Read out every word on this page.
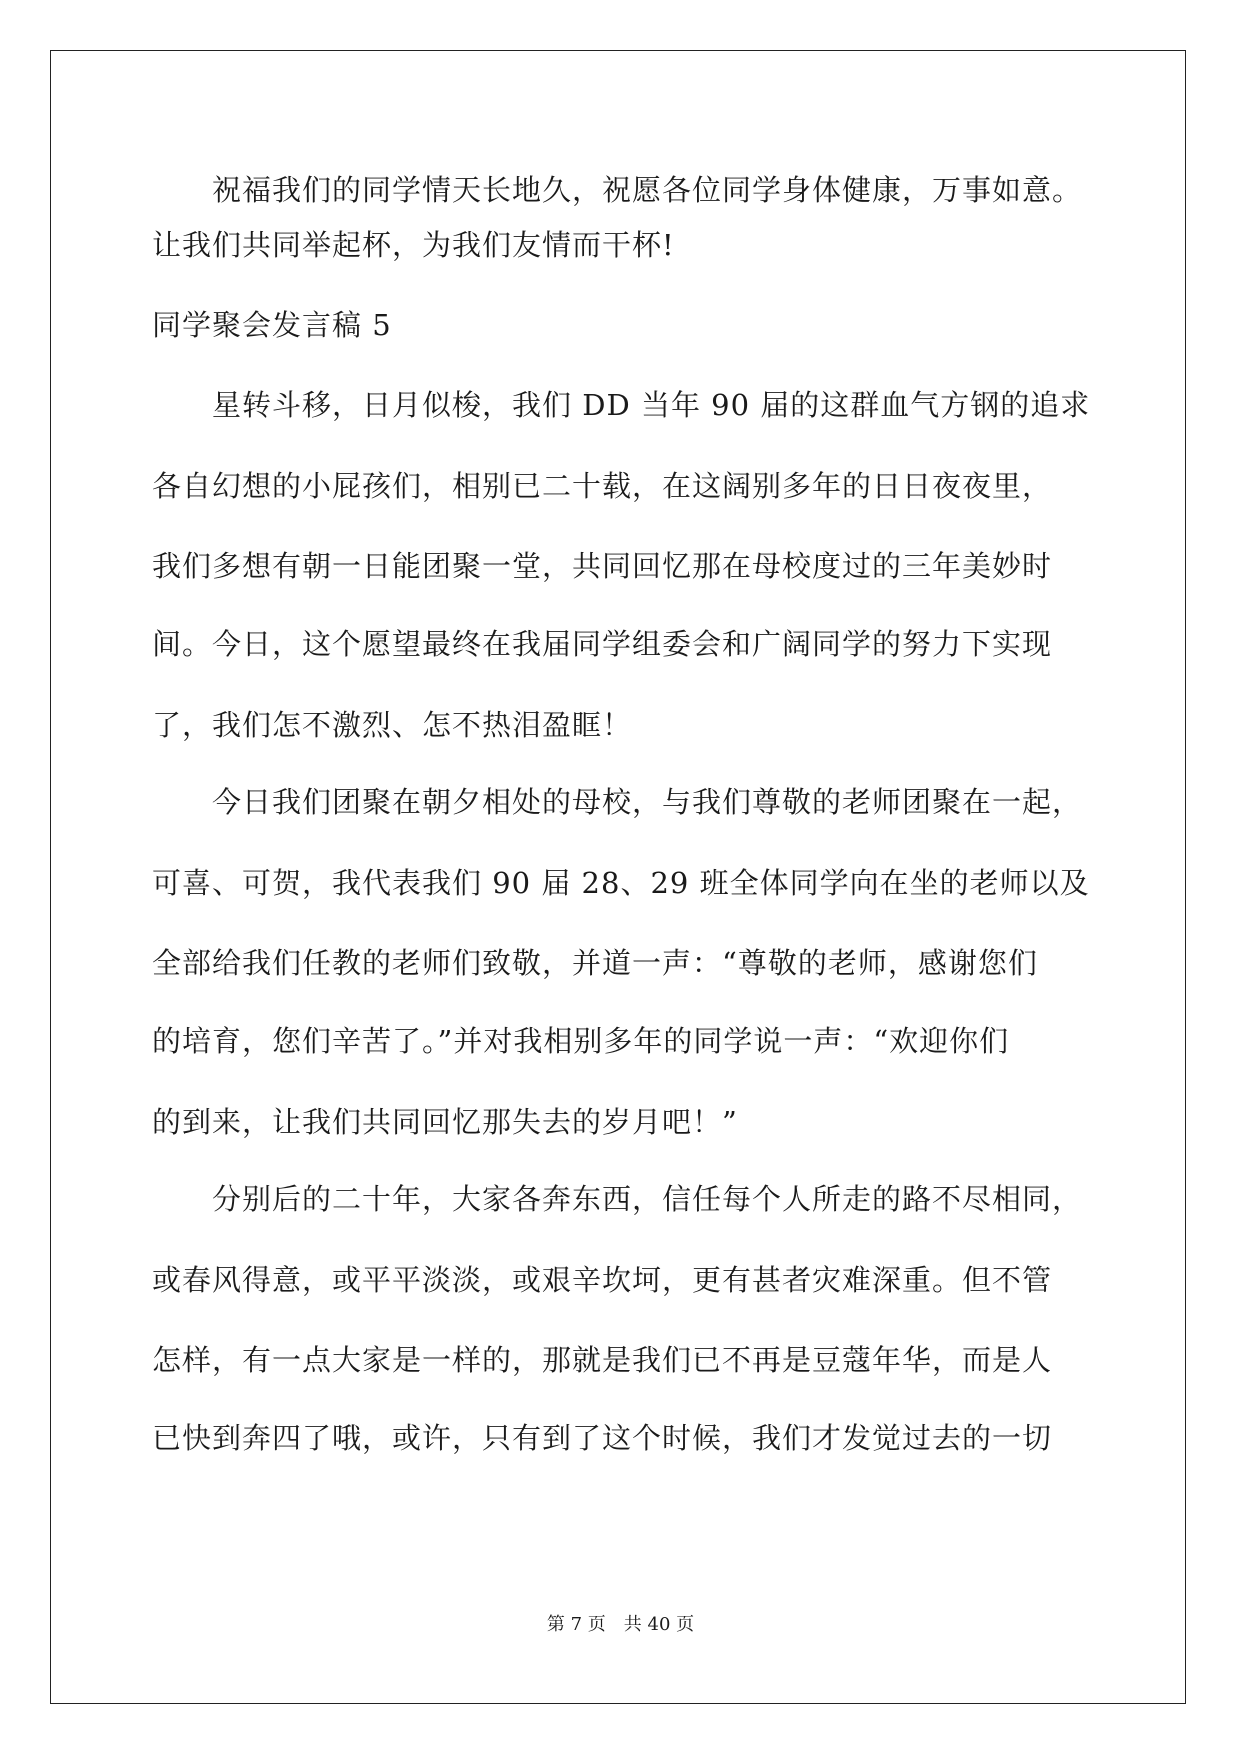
　　祝福我们的同学情天长地久，祝愿各位同学身体健康，万事如意。
让我们共同举起杯，为我们友情而干杯!
同学聚会发言稿 5
　　星转斗移，日月似梭，我们 DD 当年 90 届的这群血气方钢的追求
各自幻想的小屁孩们，相别已二十载，在这阔别多年的日日夜夜里，
我们多想有朝一日能团聚一堂，共同回忆那在母校度过的三年美妙时
间。今日，这个愿望最终在我届同学组委会和广阔同学的努力下实现
了，我们怎不激烈、怎不热泪盈眶！
　　今日我们团聚在朝夕相处的母校，与我们尊敬的老师团聚在一起，
可喜、可贺，我代表我们 90 届 28、29 班全体同学向在坐的老师以及
全部给我们任教的老师们致敬，并道一声：“尊敬的老师，感谢您们
的培育，您们辛苦了。”并对我相别多年的同学说一声：“欢迎你们
的到来，让我们共同回忆那失去的岁月吧！”
　　分别后的二十年，大家各奔东西，信任每个人所走的路不尽相同，
或春风得意，或平平淡淡，或艰辛坎坷，更有甚者灾难深重。但不管
怎样，有一点大家是一样的，那就是我们已不再是豆蔻年华，而是人
已快到奔四了哦，或许，只有到了这个时候，我们才发觉过去的一切
第 7 页　共 40 页
